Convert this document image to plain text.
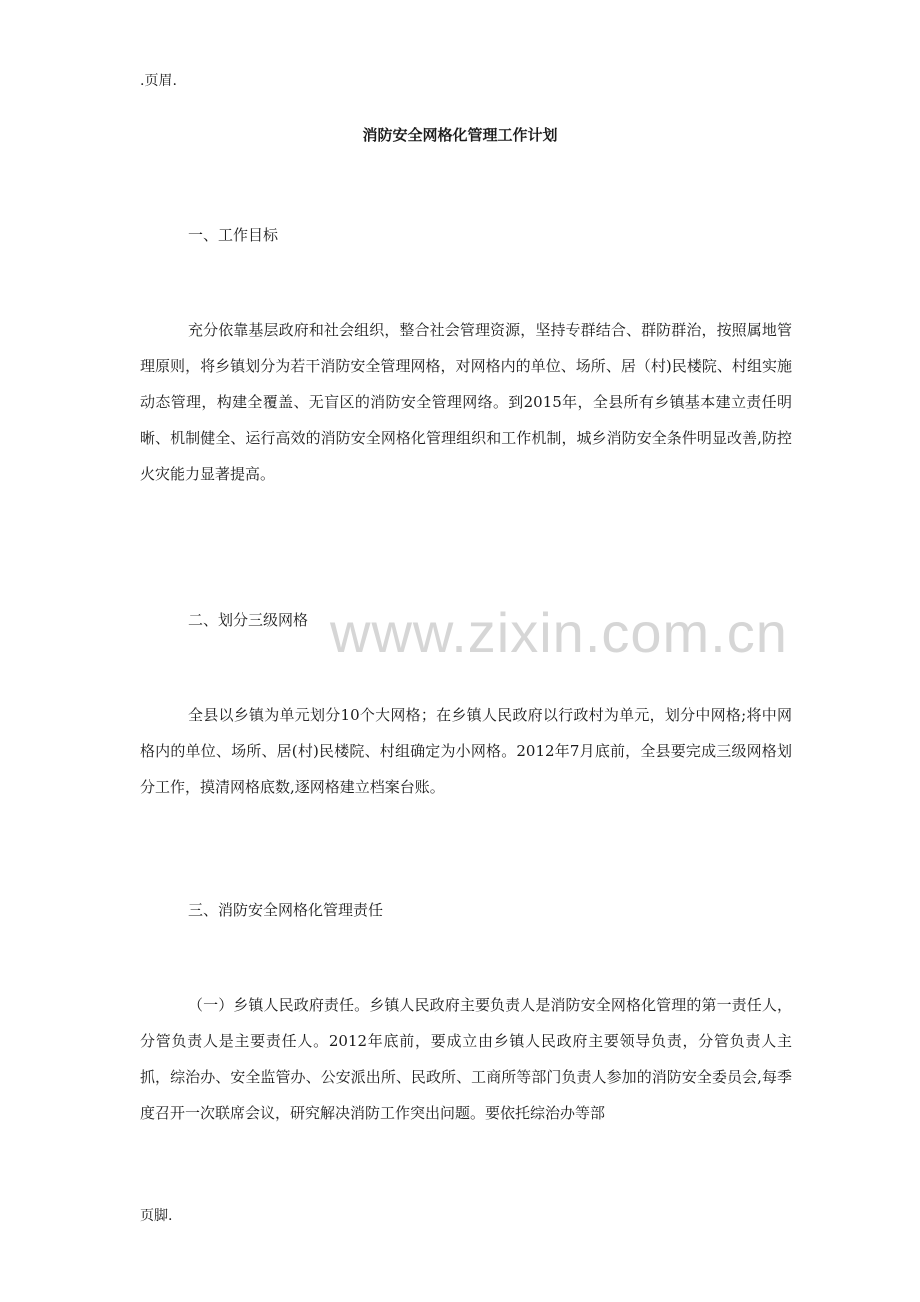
.页眉.
消防安全网格化管理工作计划
一、工作目标

充分依靠基层政府和社会组织，整合社会管理资源，坚持专群结合、群防群治，按照属地管理原则，将乡镇划分为若干消防安全管理网格，对网格内的单位、场所、居（村)民楼院、村组实施动态管理，构建全覆盖、无盲区的消防安全管理网络。到2015年，全县所有乡镇基本建立责任明晰、机制健全、运行高效的消防安全网格化管理组织和工作机制，城乡消防安全条件明显改善,防控火灾能力显著提高。

二、划分三级网格

全县以乡镇为单元划分10个大网格；在乡镇人民政府以行政村为单元，划分中网格;将中网格内的单位、场所、居(村)民楼院、村组确定为小网格。2012年7月底前，全县要完成三级网格划分工作，摸清网格底数,逐网格建立档案台账。

三、消防安全网格化管理责任

（一）乡镇人民政府责任。乡镇人民政府主要负责人是消防安全网格化管理的第一责任人，分管负责人是主要责任人。2012年底前，要成立由乡镇人民政府主要领导负责，分管负责人主抓，综治办、安全监管办、公安派出所、民政所、工商所等部门负责人参加的消防安全委员会,每季度召开一次联席会议，研究解决消防工作突出问题。要依托综治办等部

www.zixin.com.cn
页脚.
